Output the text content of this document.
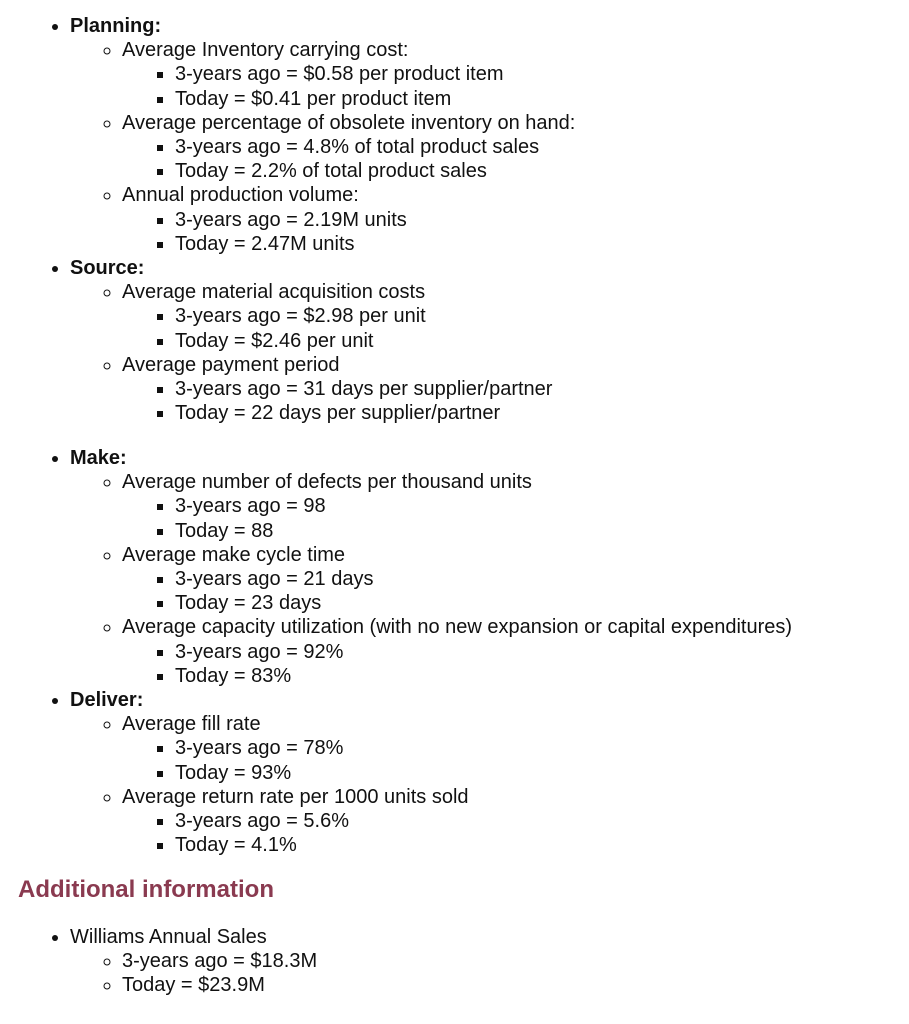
• Planning:
◦ Average Inventory carrying cost:
▪ 3-years ago = $0.58 per product item
▪ Today = $0.41 per product item
◦ Average percentage of obsolete inventory on hand:
▪ 3-years ago = 4.8% of total product sales
▪ Today = 2.2% of total product sales
◦ Annual production volume:
▪ 3-years ago = 2.19M units
▪ Today = 2.47M units
• Source:
◦ Average material acquisition costs
▪ 3-years ago = $2.98 per unit
▪ Today = $2.46 per unit
◦ Average payment period
▪ 3-years ago = 31 days per supplier/partner
▪ Today = 22 days per supplier/partner
• Make:
◦ Average number of defects per thousand units
▪ 3-years ago = 98
▪ Today = 88
◦ Average make cycle time
▪ 3-years ago = 21 days
▪ Today = 23 days
◦ Average capacity utilization (with no new expansion or capital expenditures)
▪ 3-years ago = 92%
▪ Today = 83%
• Deliver:
◦ Average fill rate
▪ 3-years ago = 78%
▪ Today = 93%
◦ Average return rate per 1000 units sold
▪ 3-years ago = 5.6%
▪ Today = 4.1%
Additional information
• Williams Annual Sales
◦ 3-years ago = $18.3M
◦ Today = $23.9M
